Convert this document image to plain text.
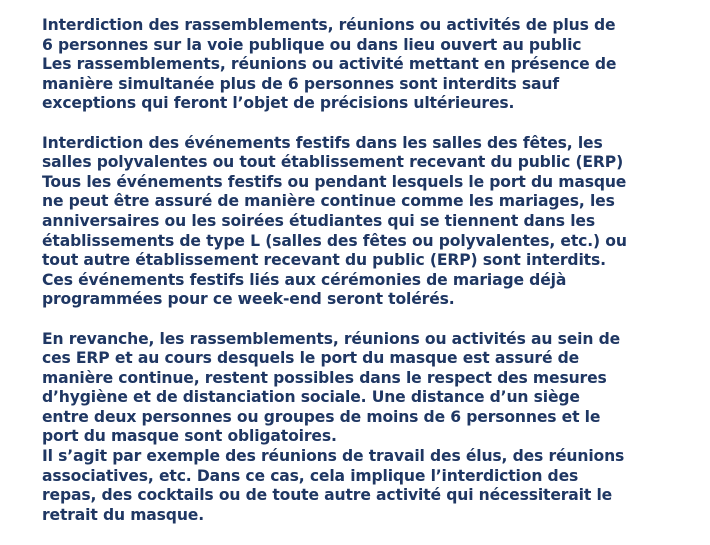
Interdiction des rassemblements, réunions ou activités de plus de
6 personnes sur la voie publique ou dans lieu ouvert au public
Les rassemblements, réunions ou activité mettant en présence de
manière simultanée plus de 6 personnes sont interdits sauf
exceptions qui feront l’objet de précisions ultérieures.

Interdiction des événements festifs dans les salles des fêtes, les
salles polyvalentes ou tout établissement recevant du public (ERP)
Tous les événements festifs ou pendant lesquels le port du masque
ne peut être assuré de manière continue comme les mariages, les
anniversaires ou les soirées étudiantes qui se tiennent dans les
établissements de type L (salles des fêtes ou polyvalentes, etc.) ou
tout autre établissement recevant du public (ERP) sont interdits.
Ces événements festifs liés aux cérémonies de mariage déjà
programmées pour ce week-end seront tolérés.

En revanche, les rassemblements, réunions ou activités au sein de
ces ERP et au cours desquels le port du masque est assuré de
manière continue, restent possibles dans le respect des mesures
d’hygiène et de distanciation sociale. Une distance d’un siège
entre deux personnes ou groupes de moins de 6 personnes et le
port du masque sont obligatoires.
Il s’agit par exemple des réunions de travail des élus, des réunions
associatives, etc. Dans ce cas, cela implique l’interdiction des
repas, des cocktails ou de toute autre activité qui nécessiterait le
retrait du masque.
